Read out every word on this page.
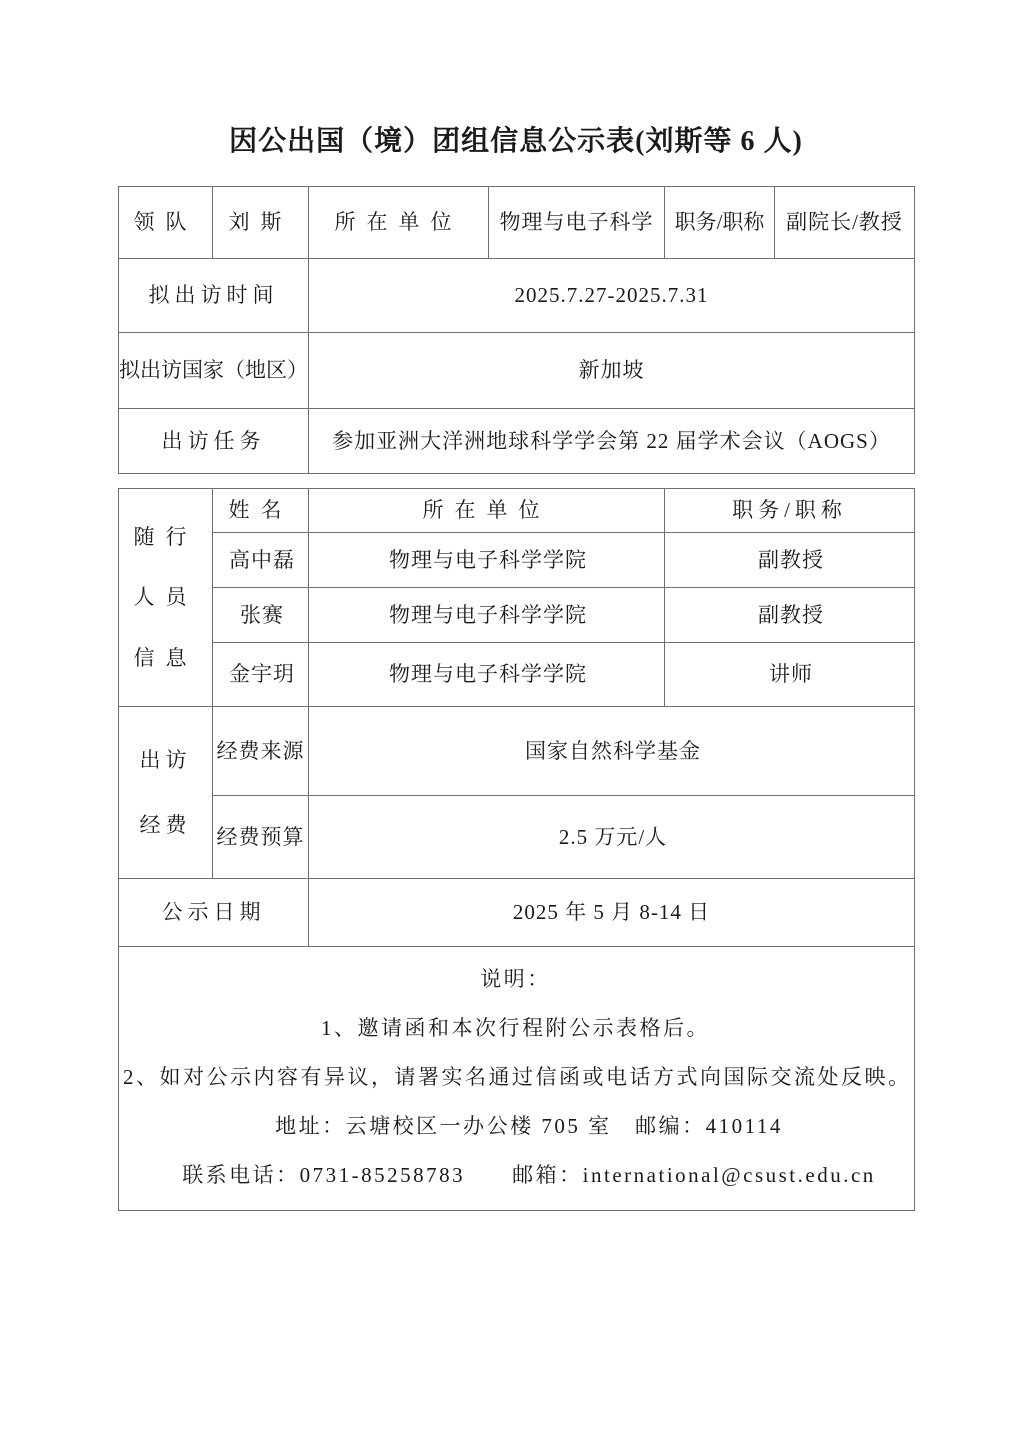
因公出国（境）团组信息公示表(刘斯等 6 人)
领队	刘斯	所在单位	物理与电子科学	职务/职称	副院长/教授
拟出访时间		2025.7.27-2025.7.31			
拟出访国家（地区）		新加坡			
出访任务		参加亚洲大洋洲地球科学学会第 22 届学术会议（AOGS）			

随行
人员
信息	姓名	所在单位		职务/职称	
	高中磊	物理与电子科学学院		副教授	
	张赛	物理与电子科学学院		副教授	
	金宇玥	物理与电子科学学院		讲师	

出访
经费	经费来源	国家自然科学基金			
	经费预算	2.5 万元/人			
公示日期		2025 年 5 月 8-14 日			

说明：
1、邀请函和本次行程附公示表格后。
2、如对公示内容有异议，请署实名通过信函或电话方式向国际交流处反映。
地址：云塘校区一办公楼 705 室　邮编：410114
联系电话：0731-85258783　　邮箱：international@csust.edu.cn					
